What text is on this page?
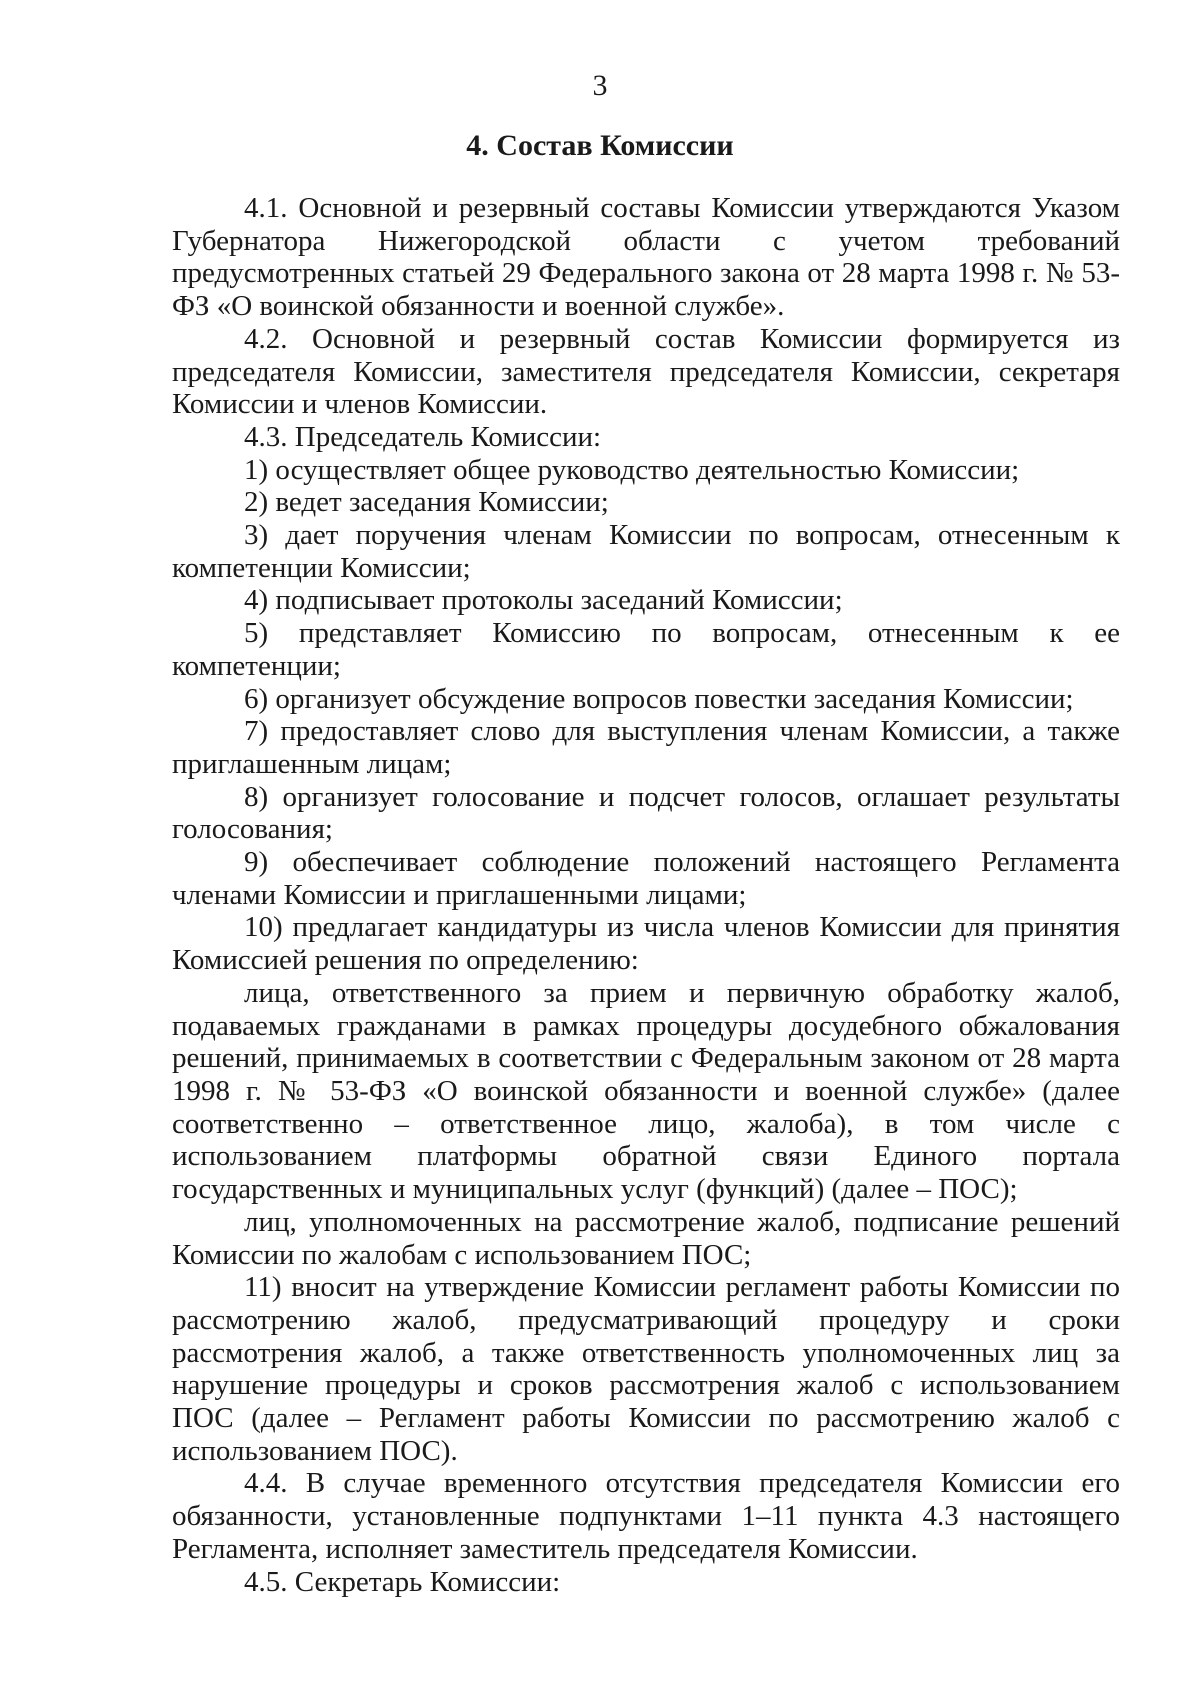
3
4. Состав Комиссии

4.1. Основной и резервный составы Комиссии утверждаются Указом Губернатора Нижегородской области с учетом требований предусмотренных статьей 29 Федерального закона от 28 марта 1998 г. № 53-ФЗ «О воинской обязанности и военной службе».

4.2. Основной и резервный состав Комиссии формируется из председателя Комиссии, заместителя председателя Комиссии, секретаря Комиссии и членов Комиссии.

4.3. Председатель Комиссии:

1) осуществляет общее руководство деятельностью Комиссии;

2) ведет заседания Комиссии;

3) дает поручения членам Комиссии по вопросам, отнесенным к компетенции Комиссии;

4) подписывает протоколы заседаний Комиссии;

5) представляет Комиссию по вопросам, отнесенным к ее компетенции;

6) организует обсуждение вопросов повестки заседания Комиссии;

7) предоставляет слово для выступления членам Комиссии, а также приглашенным лицам;

8) организует голосование и подсчет голосов, оглашает результаты голосования;

9) обеспечивает соблюдение положений настоящего Регламента членами Комиссии и приглашенными лицами;

10) предлагает кандидатуры из числа членов Комиссии для принятия Комиссией решения по определению:

лица, ответственного за прием и первичную обработку жалоб, подаваемых гражданами в рамках процедуры досудебного обжалования решений, принимаемых в соответствии с Федеральным законом от 28 марта 1998 г. № 53-ФЗ «О воинской обязанности и военной службе» (далее соответственно – ответственное лицо, жалоба), в том числе с использованием платформы обратной связи Единого портала государственных и муниципальных услуг (функций) (далее – ПОС);

лиц, уполномоченных на рассмотрение жалоб, подписание решений Комиссии по жалобам с использованием ПОС;

11) вносит на утверждение Комиссии регламент работы Комиссии по рассмотрению жалоб, предусматривающий процедуру и сроки рассмотрения жалоб, а также ответственность уполномоченных лиц за нарушение процедуры и сроков рассмотрения жалоб с использованием ПОС (далее – Регламент работы Комиссии по рассмотрению жалоб с использованием ПОС).

4.4. В случае временного отсутствия председателя Комиссии его обязанности, установленные подпунктами 1–11 пункта 4.3 настоящего Регламента, исполняет заместитель председателя Комиссии.

4.5. Секретарь Комиссии:
